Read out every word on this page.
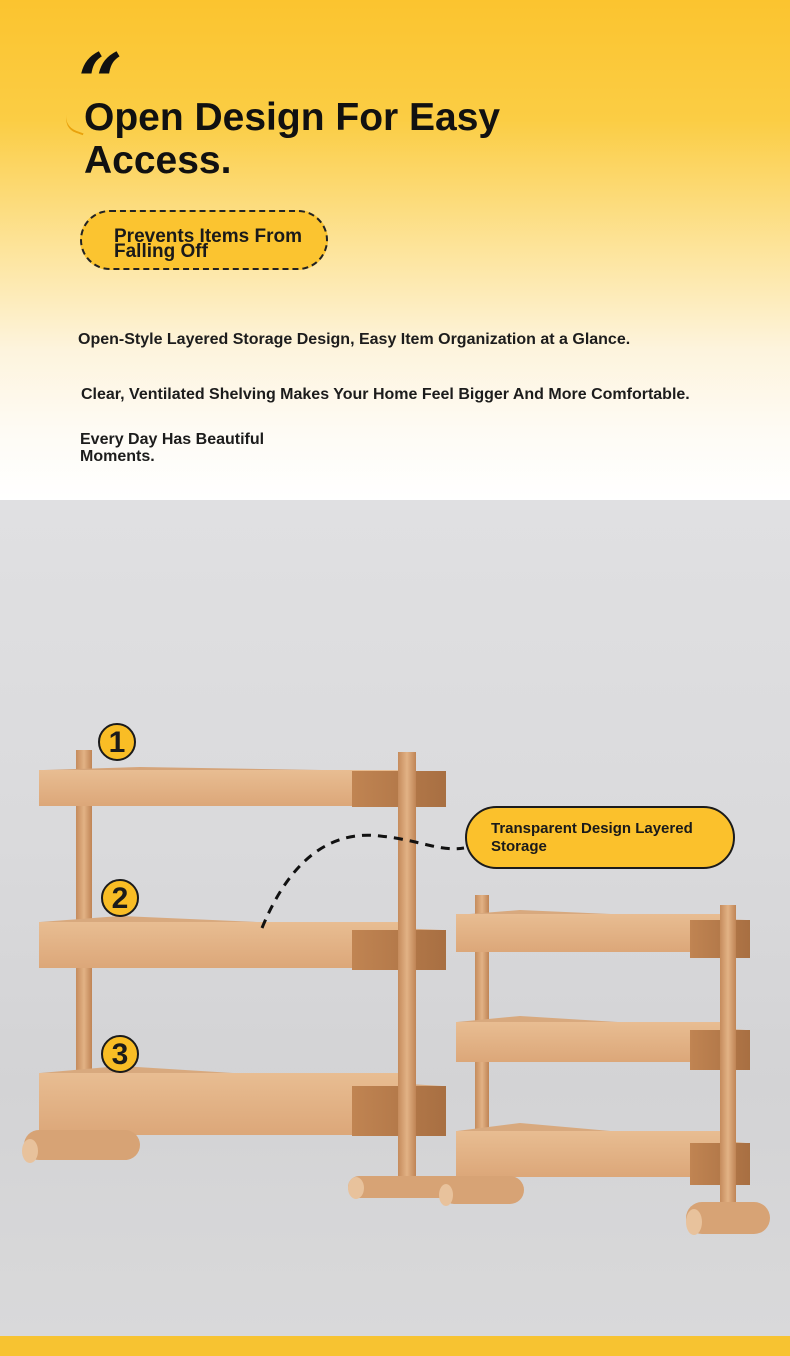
“
Open Design For Easy Access.
Prevents Items From Falling Off
Open-Style Layered Storage Design, Easy Item Organization at a Glance.
Clear, Ventilated Shelving Makes Your Home Feel Bigger And More Comfortable.
Every Day Has Beautiful Moments.
1
2
3
Transparent Design Layered Storage
